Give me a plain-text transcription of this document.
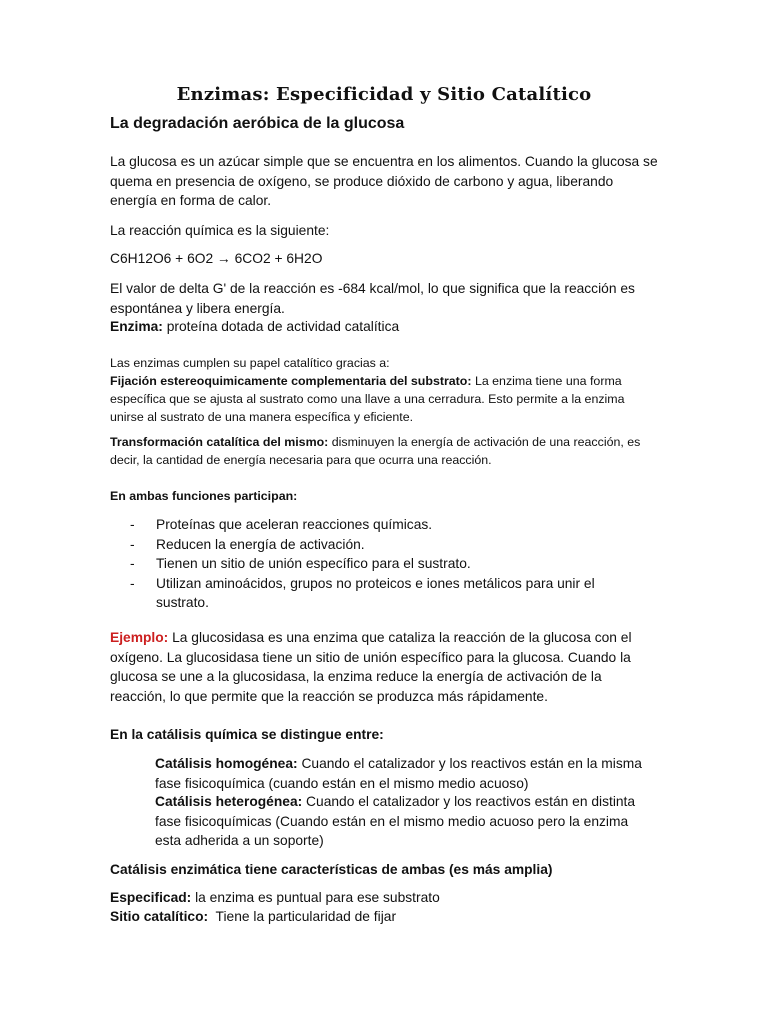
Enzimas: Especificidad y Sitio Catalítico
La degradación aeróbica de la glucosa
La glucosa es un azúcar simple que se encuentra en los alimentos. Cuando la glucosa se quema en presencia de oxígeno, se produce dióxido de carbono y agua, liberando energía en forma de calor.
La reacción química es la siguiente:
C6H12O6 + 6O2 → 6CO2 + 6H2O
El valor de delta G' de la reacción es -684 kcal/mol, lo que significa que la reacción es espontánea y libera energía.
Enzima: proteína dotada de actividad catalítica
Las enzimas cumplen su papel catalítico gracias a:
Fijación estereoquimicamente complementaria del substrato: La enzima tiene una forma específica que se ajusta al sustrato como una llave a una cerradura. Esto permite a la enzima unirse al sustrato de una manera específica y eficiente.
Transformación catalítica del mismo: disminuyen la energía de activación de una reacción, es decir, la cantidad de energía necesaria para que ocurra una reacción.
En ambas funciones participan:
- Proteínas que aceleran reacciones químicas.
- Reducen la energía de activación.
- Tienen un sitio de unión específico para el sustrato.
- Utilizan aminoácidos, grupos no proteicos e iones metálicos para unir el sustrato.
Ejemplo: La glucosidasa es una enzima que cataliza la reacción de la glucosa con el oxígeno. La glucosidasa tiene un sitio de unión específico para la glucosa. Cuando la glucosa se une a la glucosidasa, la enzima reduce la energía de activación de la reacción, lo que permite que la reacción se produzca más rápidamente.
En la catálisis química se distingue entre:
Catálisis homogénea: Cuando el catalizador y los reactivos están en la misma fase fisicoquímica (cuando están en el mismo medio acuoso)
Catálisis heterogénea: Cuando el catalizador y los reactivos están en distinta fase fisicoquímicas (Cuando están en el mismo medio acuoso pero la enzima esta adherida a un soporte)
Catálisis enzimática tiene características de ambas (es más amplia)
Especificad: la enzima es puntual para ese substrato
Sitio catalítico:  Tiene la particularidad de fijar
